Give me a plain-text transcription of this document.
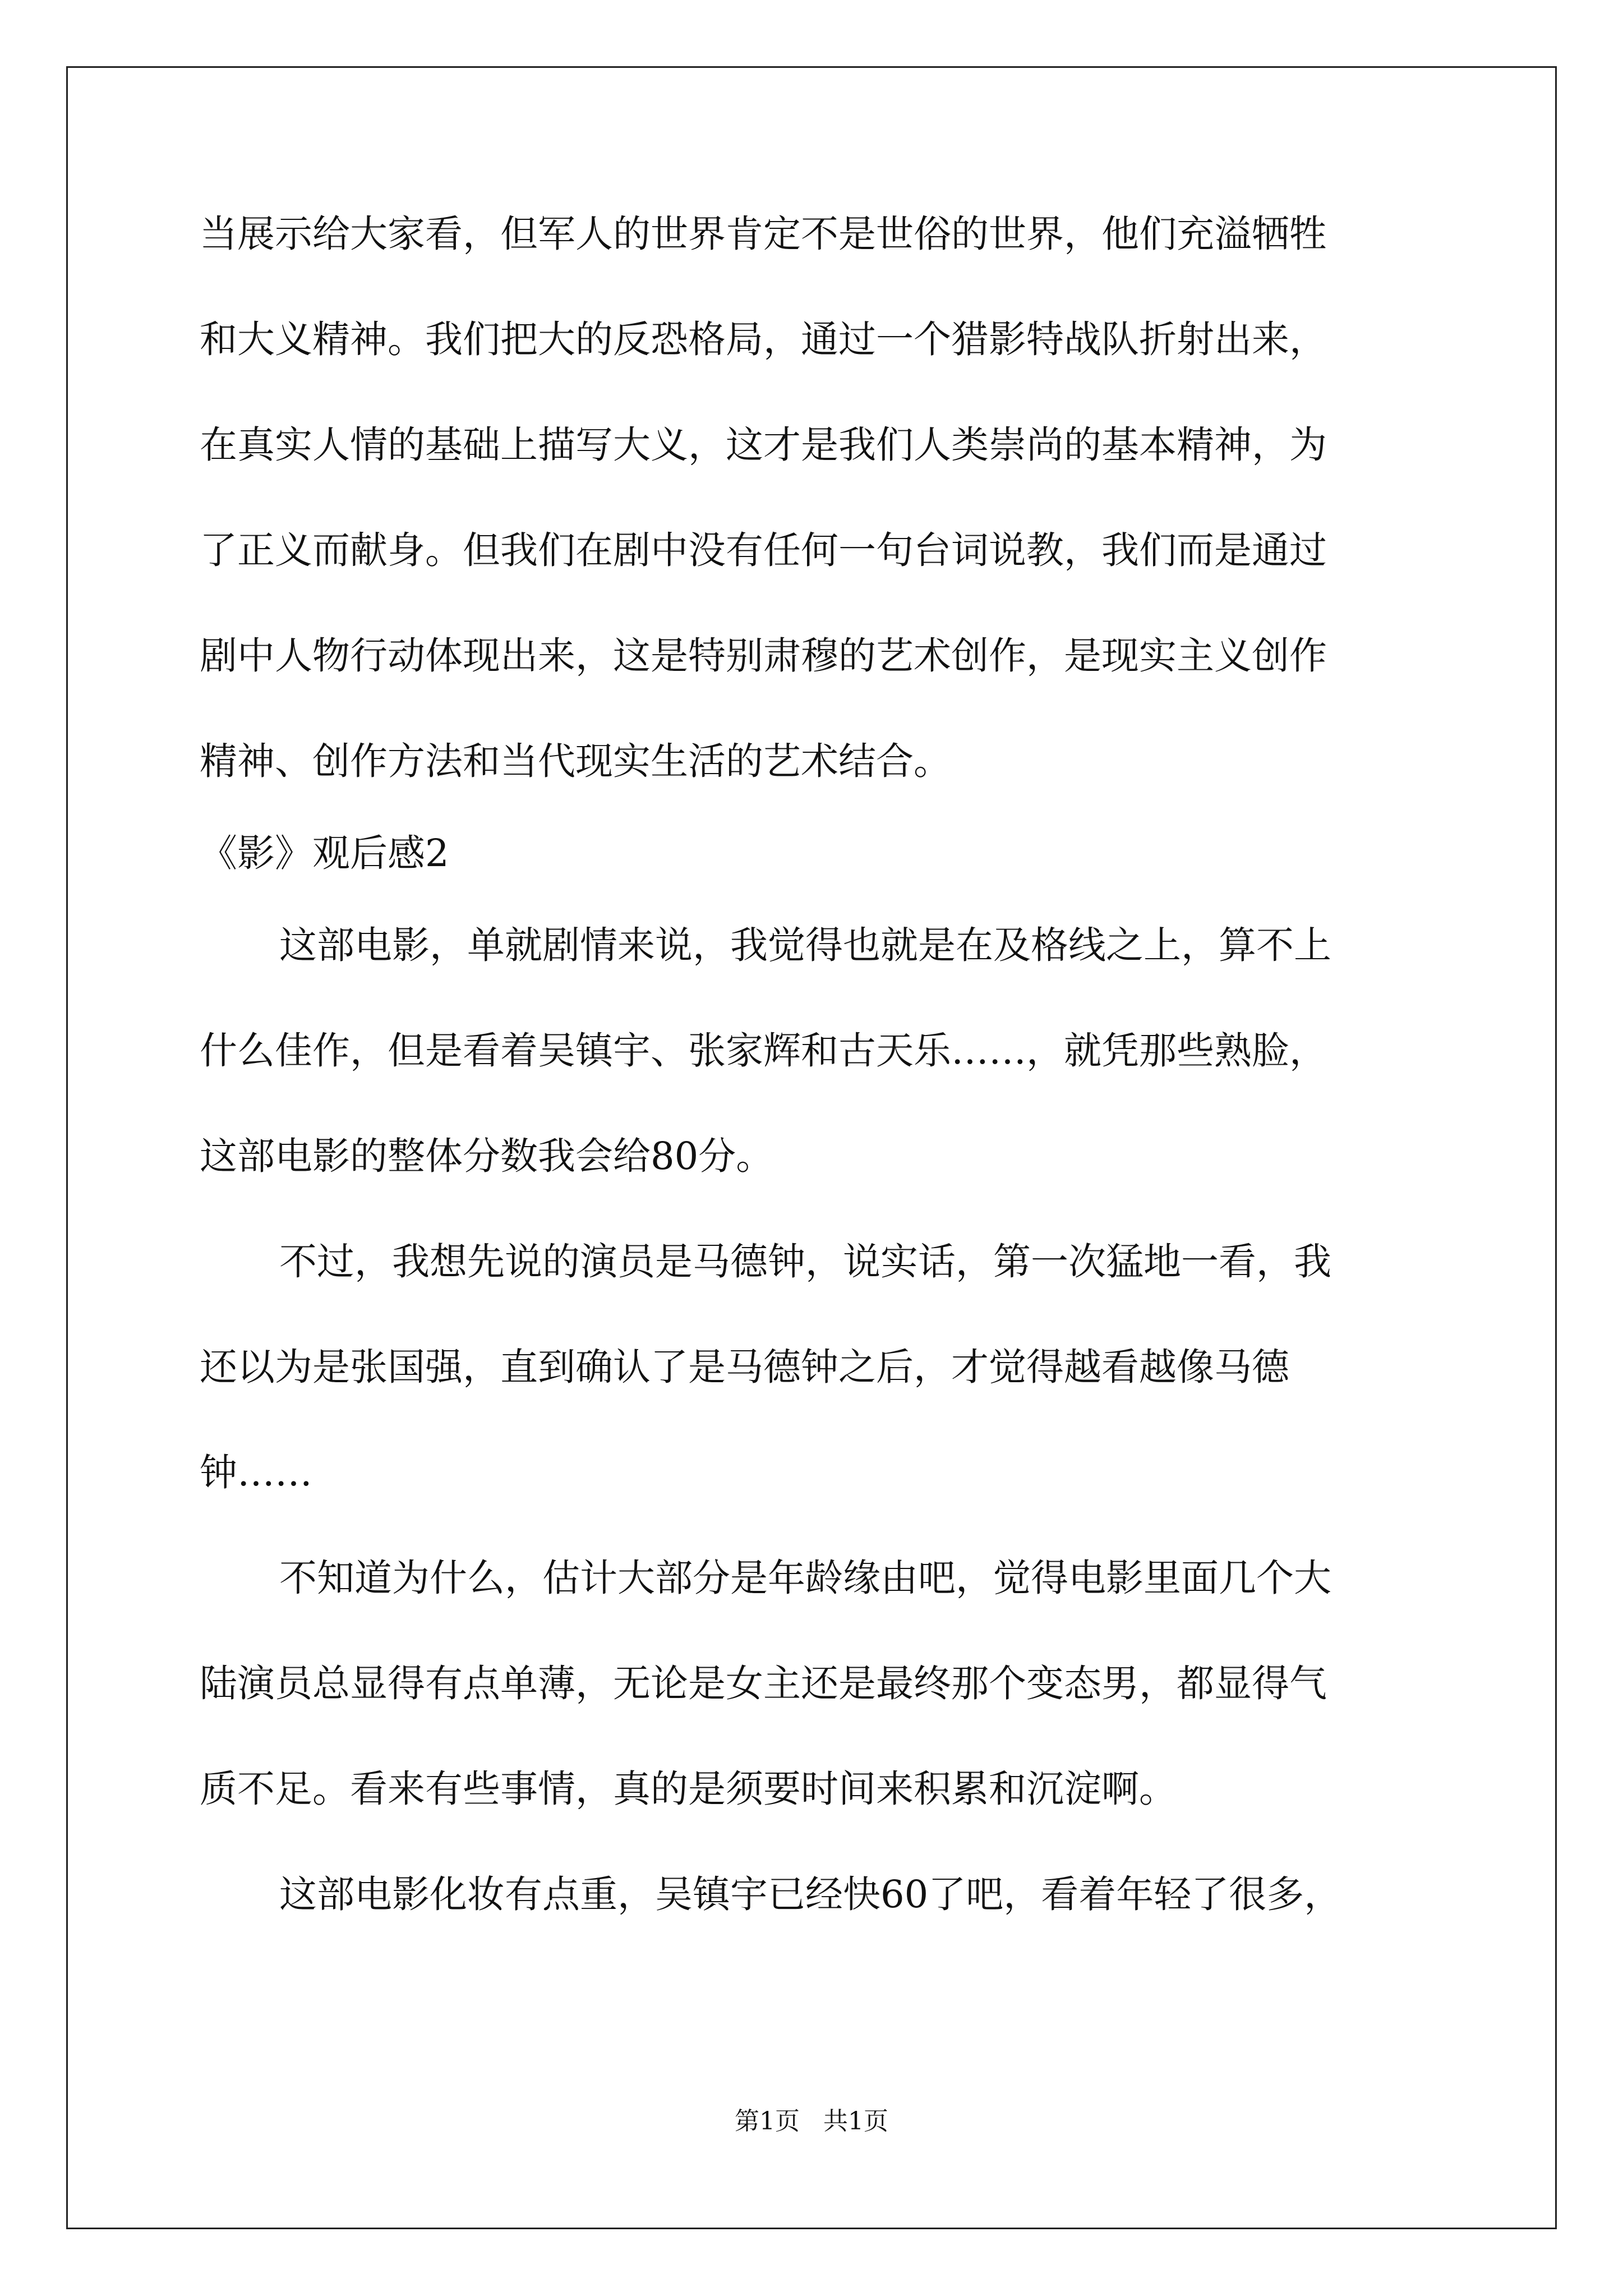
当展示给大家看，但军人的世界肯定不是世俗的世界，他们充溢牺牲
和大义精神。我们把大的反恐格局，通过一个猎影特战队折射出来，
在真实人情的基础上描写大义，这才是我们人类崇尚的基本精神，为
了正义而献身。但我们在剧中没有任何一句台词说教，我们而是通过
剧中人物行动体现出来，这是特别肃穆的艺术创作，是现实主义创作
精神、创作方法和当代现实生活的艺术结合。
《影》观后感2
这部电影，单就剧情来说，我觉得也就是在及格线之上，算不上
什么佳作，但是看着吴镇宇、张家辉和古天乐……，就凭那些熟脸，
这部电影的整体分数我会给80分。
不过，我想先说的演员是马德钟，说实话，第一次猛地一看，我
还以为是张国强，直到确认了是马德钟之后，才觉得越看越像马德
钟……
不知道为什么，估计大部分是年龄缘由吧，觉得电影里面几个大
陆演员总显得有点单薄，无论是女主还是最终那个变态男，都显得气
质不足。看来有些事情，真的是须要时间来积累和沉淀啊。
这部电影化妆有点重，吴镇宇已经快60了吧，看着年轻了很多，
第1页   共1页
